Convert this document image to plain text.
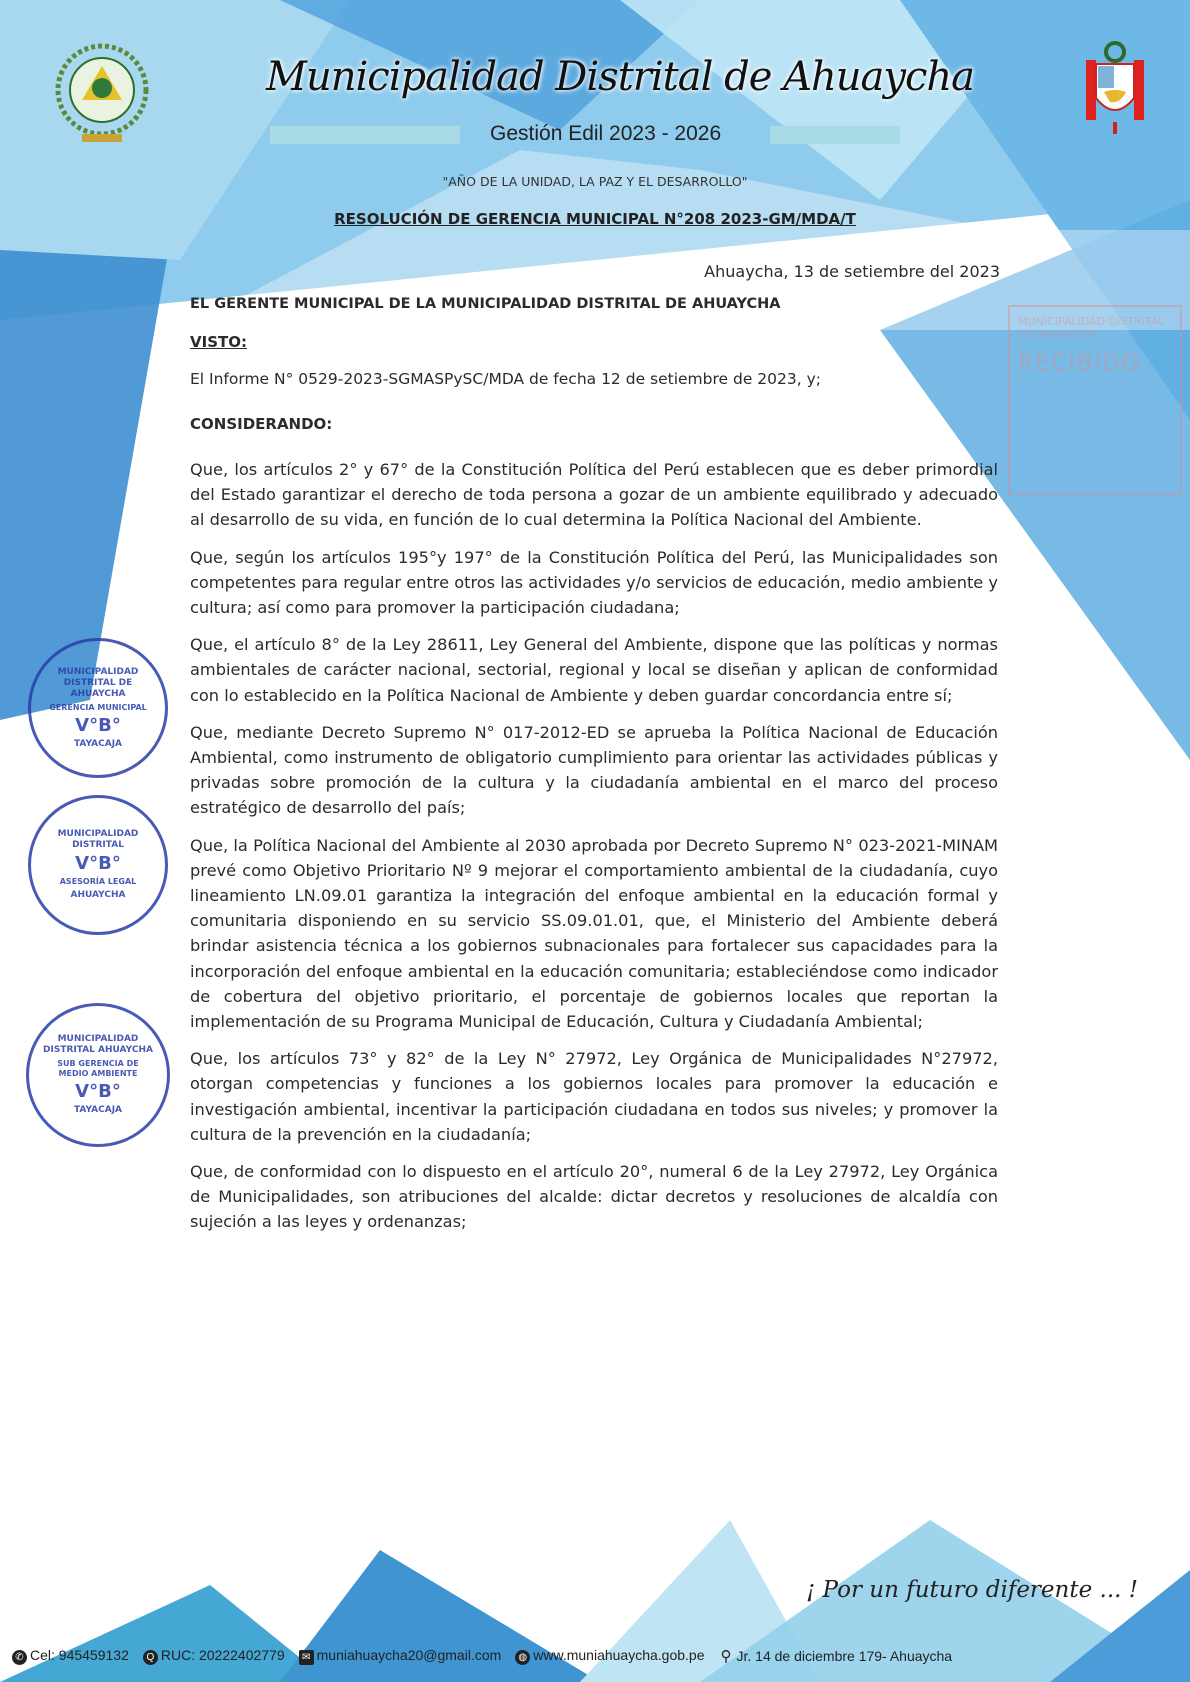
Municipalidad Distrital de Ahuaycha
Gestión Edil 2023 - 2026
"AÑO DE LA UNIDAD, LA PAZ Y EL DESARROLLO"
RESOLUCIÓN DE GERENCIA MUNICIPAL N°208 2023-GM/MDA/T
MUNICIPALIDAD DISTRITAL DE AHUAYCHA
RECIBIDO
Ahuaycha, 13 de setiembre del 2023
EL GERENTE MUNICIPAL DE LA MUNICIPALIDAD DISTRITAL DE AHUAYCHA
VISTO:
El Informe N° 0529-2023-SGMASPySC/MDA de fecha 12 de setiembre de 2023, y;
CONSIDERANDO:

Que, los artículos 2° y 67° de la Constitución Política del Perú establecen que es deber primordial del Estado garantizar el derecho de toda persona a gozar de un ambiente equilibrado y adecuado al desarrollo de su vida, en función de lo cual determina la Política Nacional del Ambiente.

Que, según los artículos 195°y 197° de la Constitución Política del Perú, las Municipalidades son competentes para regular entre otros las actividades y/o servicios de educación, medio ambiente y cultura; así como para promover la participación ciudadana;

Que, el artículo 8° de la Ley 28611, Ley General del Ambiente, dispone que las políticas y normas ambientales de carácter nacional, sectorial, regional y local se diseñan y aplican de conformidad con lo establecido en la Política Nacional de Ambiente y deben guardar concordancia entre sí;

Que, mediante Decreto Supremo N° 017-2012-ED se aprueba la Política Nacional de Educación Ambiental, como instrumento de obligatorio cumplimiento para orientar las actividades públicas y privadas sobre promoción de la cultura y la ciudadanía ambiental en el marco del proceso estratégico de desarrollo del país;

Que, la Política Nacional del Ambiente al 2030 aprobada por Decreto Supremo N° 023-2021-MINAM prevé como Objetivo Prioritario Nº 9 mejorar el comportamiento ambiental de la ciudadanía, cuyo lineamiento LN.09.01 garantiza la integración del enfoque ambiental en la educación formal y comunitaria disponiendo en su servicio SS.09.01.01, que, el Ministerio del Ambiente deberá brindar asistencia técnica a los gobiernos subnacionales para fortalecer sus capacidades para la incorporación del enfoque ambiental en la educación comunitaria; estableciéndose como indicador de cobertura del objetivo prioritario, el porcentaje de gobiernos locales que reportan la implementación de su Programa Municipal de Educación, Cultura y Ciudadanía Ambiental;

Que, los artículos 73° y 82° de la Ley N° 27972, Ley Orgánica de Municipalidades N°27972, otorgan competencias y funciones a los gobiernos locales para promover la educación e investigación ambiental, incentivar la participación ciudadana en todos sus niveles; y promover la cultura de la prevención en la ciudadanía;

Que, de conformidad con lo dispuesto en el artículo 20°, numeral 6 de la Ley 27972, Ley Orgánica de Municipalidades, son atribuciones del alcalde: dictar decretos y resoluciones de alcaldía con sujeción a las leyes y ordenanzas;

MUNICIPALIDAD DISTRITAL DE AHUAYCHA
GERENCIA MUNICIPAL
V°B°
TAYACAJA
MUNICIPALIDAD DISTRITAL
V°B°
ASESORÍA LEGAL
AHUAYCHA
MUNICIPALIDAD DISTRITAL AHUAYCHA
SUB GERENCIA DE MEDIO AMBIENTE
V°B°
TAYACAJA
¡ Por un futuro diferente ... !
✆ Cel: 945459132	Q RUC: 20222402779	✉ muniahuaycha20@gmail.com	◍ www.muniahuaycha.gob.pe ⚲ Jr. 14 de diciembre 179- Ahuaycha
